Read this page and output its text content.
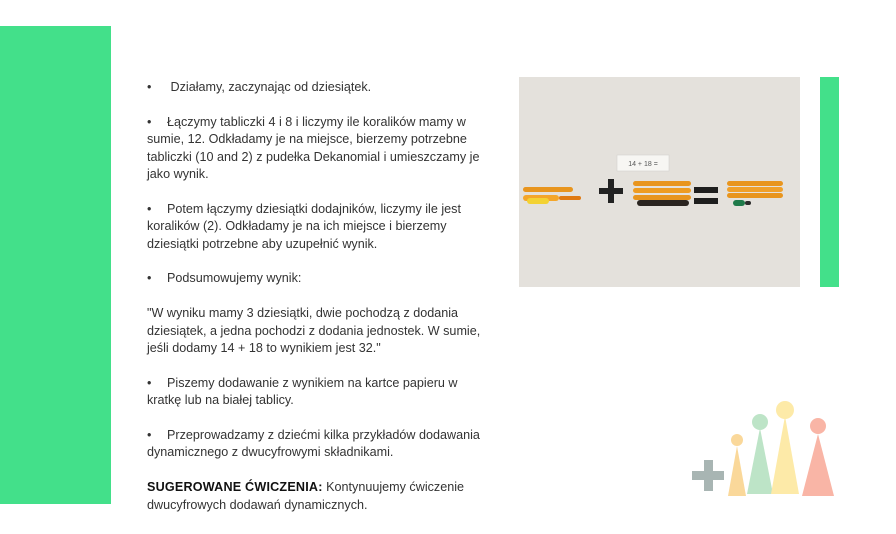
• Działamy, zaczynając od dziesiątek.

• Łączymy tabliczki 4 i 8 i liczymy ile koralików mamy w sumie, 12. Odkładamy je na miejsce, bierzemy potrzebne tabliczki (10 and 2) z pudełka Dekanomial i umieszczamy je jako wynik.

• Potem łączymy dziesiątki dodajników, liczymy ile jest koralików (2). Odkładamy je na ich miejsce i bierzemy dziesiątki potrzebne aby uzupełnić wynik.

• Podsumowujemy wynik:

"W wyniku mamy 3 dziesiątki, dwie pochodzą z dodania dziesiątek, a jedna pochodzi z dodania jednostek. W sumie, jeśli dodamy 14 + 18 to wynikiem jest 32."

• Piszemy dodawanie z wynikiem na kartce papieru w kratkę lub na białej tablicy.

• Przeprowadzamy z dziećmi kilka przykładów dodawania dynamicznego z dwucyfrowymi składnikami.

SUGEROWANE ĆWICZENIA: Kontynuujemy ćwiczenie dwucyfrowych dodawań dynamicznych.

14 + 18 =
